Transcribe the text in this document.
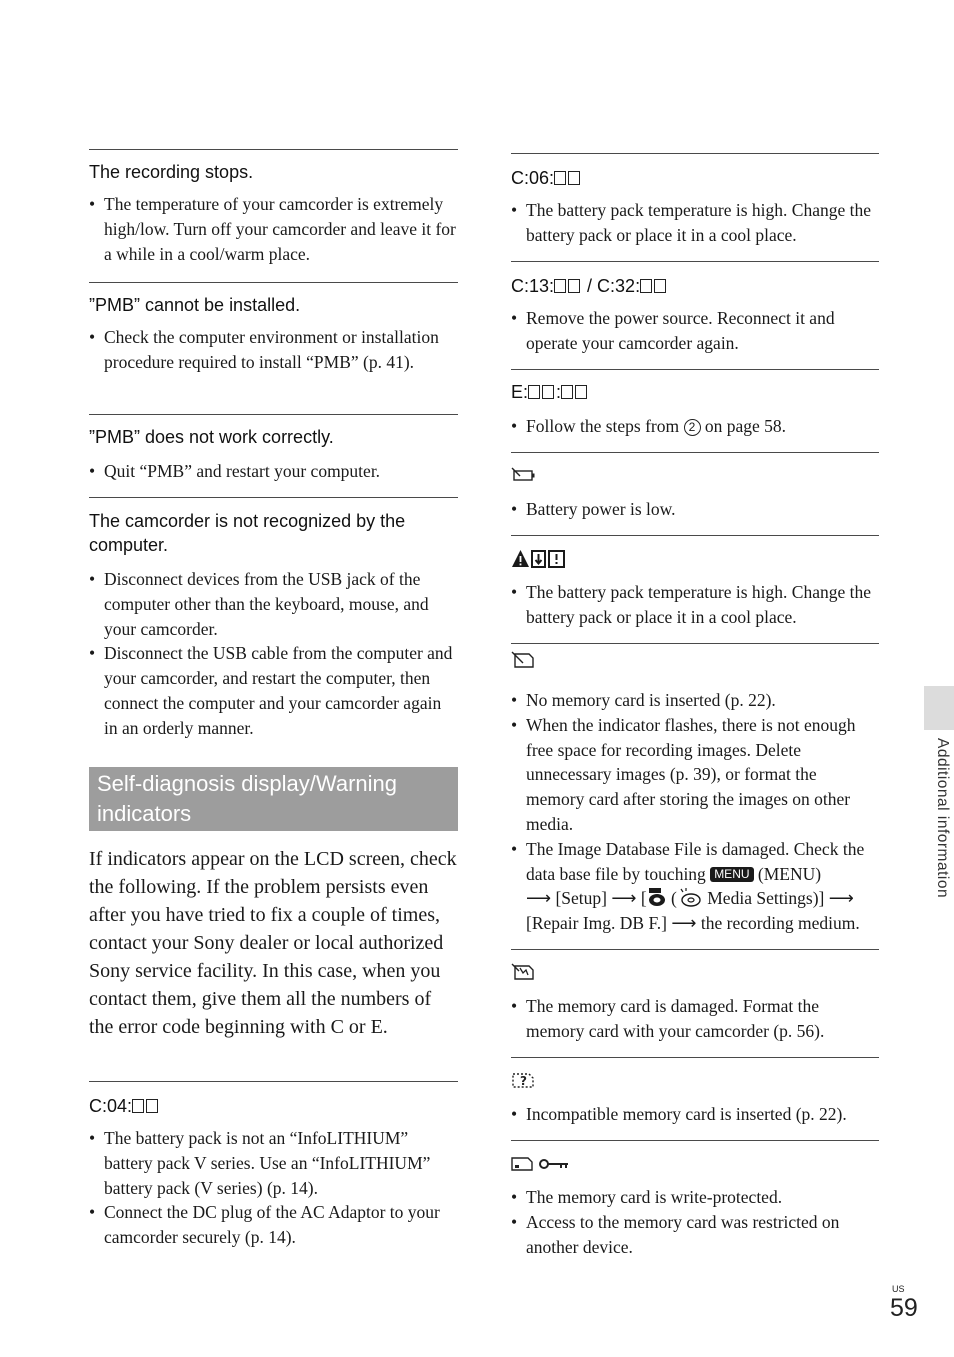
The recording stops.
• The temperature of your camcorder is extremely high/low. Turn off your camcorder and leave it for a while in a cool/warm place.
”PMB” cannot be installed.
• Check the computer environment or installation procedure required to install “PMB” (p. 41).
”PMB” does not work correctly.
• Quit “PMB” and restart your computer.
The camcorder is not recognized by the computer.
• Disconnect devices from the USB jack of the computer other than the keyboard, mouse, and your camcorder.
• Disconnect the USB cable from the computer and your camcorder, and restart the computer, then connect the computer and your camcorder again in an orderly manner.
Self-diagnosis display/Warning indicators

If indicators appear on the LCD screen, check the following. If the problem persists even after you have tried to fix a couple of times, contact your Sony dealer or local authorized Sony service facility. In this case, when you contact them, give them all the numbers of the error code beginning with C or E.

C:04:
• The battery pack is not an “InfoLITHIUM” battery pack V series. Use an “InfoLITHIUM” battery pack (V series) (p. 14).
• Connect the DC plug of the AC Adaptor to your camcorder securely (p. 14).
C:06:
• The battery pack temperature is high. Change the battery pack or place it in a cool place.
C:13: / C:32:
• Remove the power source. Reconnect it and operate your camcorder again.
E: :
• Follow the steps from 2 on page 58.
• Battery power is low.
• The battery pack temperature is high. Change the battery pack or place it in a cool place.
• No memory card is inserted (p. 22).
• When the indicator flashes, there is not enough free space for recording images. Delete unnecessary images (p. 39), or format the memory card after storing the images on other media.
• The Image Database File is damaged. Check the data base file by touching MENU (MENU)
⟶ [Setup] ⟶ [ ( Media Settings)] ⟶
[Repair Img. DB F.] ⟶ the recording medium.
• The memory card is damaged. Format the memory card with your camcorder (p. 56).
?
• Incompatible memory card is inserted (p. 22).
• The memory card is write-protected.
• Access to the memory card was restricted on another device.
Additional information
US
59
